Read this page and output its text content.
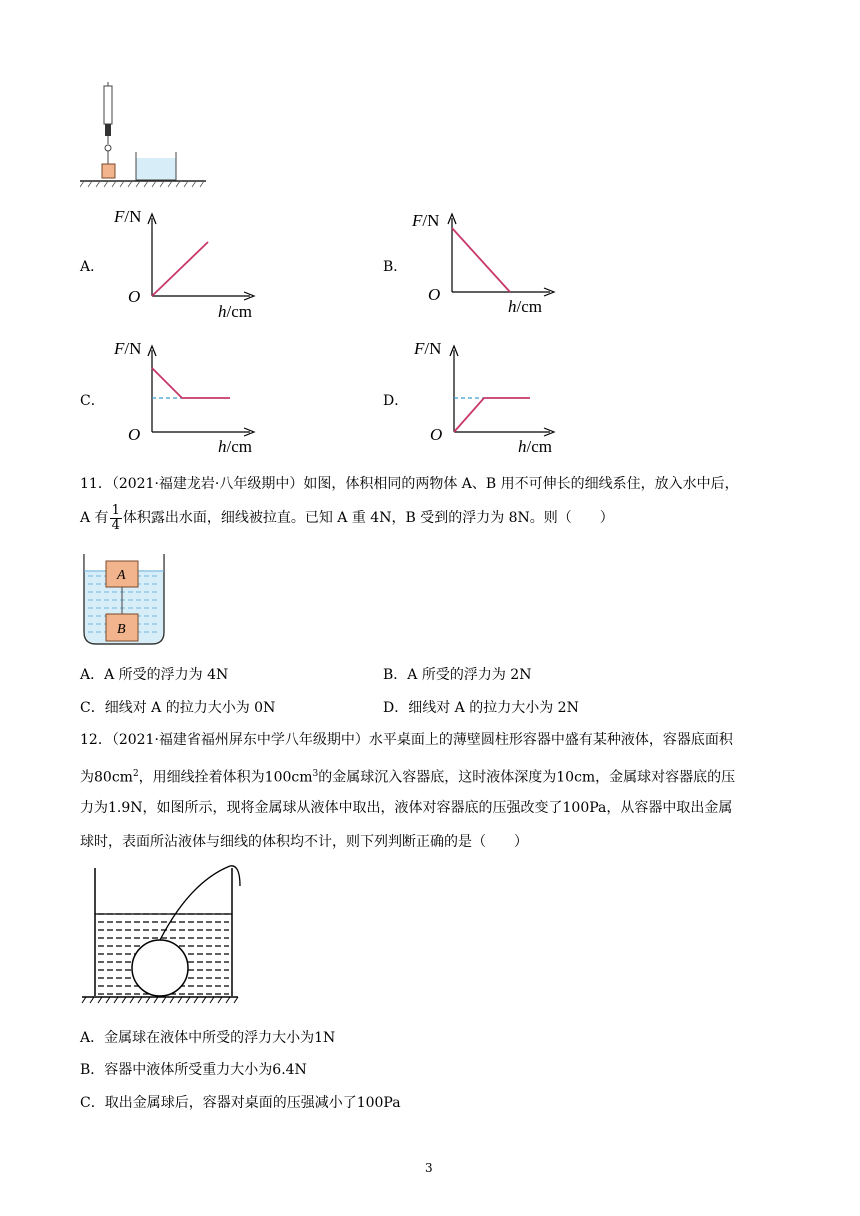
A．
F/N
O
h/cm
B．
F/N
O
h/cm
C．
F/N
O
h/cm
D．
F/N
O
h/cm
11．（2021·福建龙岩·八年级期中）如图，体积相同的两物体 A、B 用不可伸长的细线系住，放入水中后，
A 有 $\frac{1}{4}$ 体积露出水面，细线被拉直。已知 A 重 4N，B 受到的浮力为 8N。则（　　）
A
B
A．A 所受的浮力为 4N	B．A 所受的浮力为 2N
C．细线对 A 的拉力大小为 0N	D．细线对 A 的拉力大小为 2N
12．（2021·福建省福州屏东中学八年级期中）水平桌面上的薄壁圆柱形容器中盛有某种液体，容器底面积
为$80cm^2$，用细线拴着体积为$100cm^3$的金属球沉入容器底，这时液体深度为10cm，金属球对容器底的压
力为1.9N，如图所示，现将金属球从液体中取出，液体对容器底的压强改变了100Pa，从容器中取出金属
球时，表面所沾液体与细线的体积均不计，则下列判断正确的是（　　）
A．金属球在液体中所受的浮力大小为1N
B．容器中液体所受重力大小为6.4N
C．取出金属球后，容器对桌面的压强减小了100Pa
3
